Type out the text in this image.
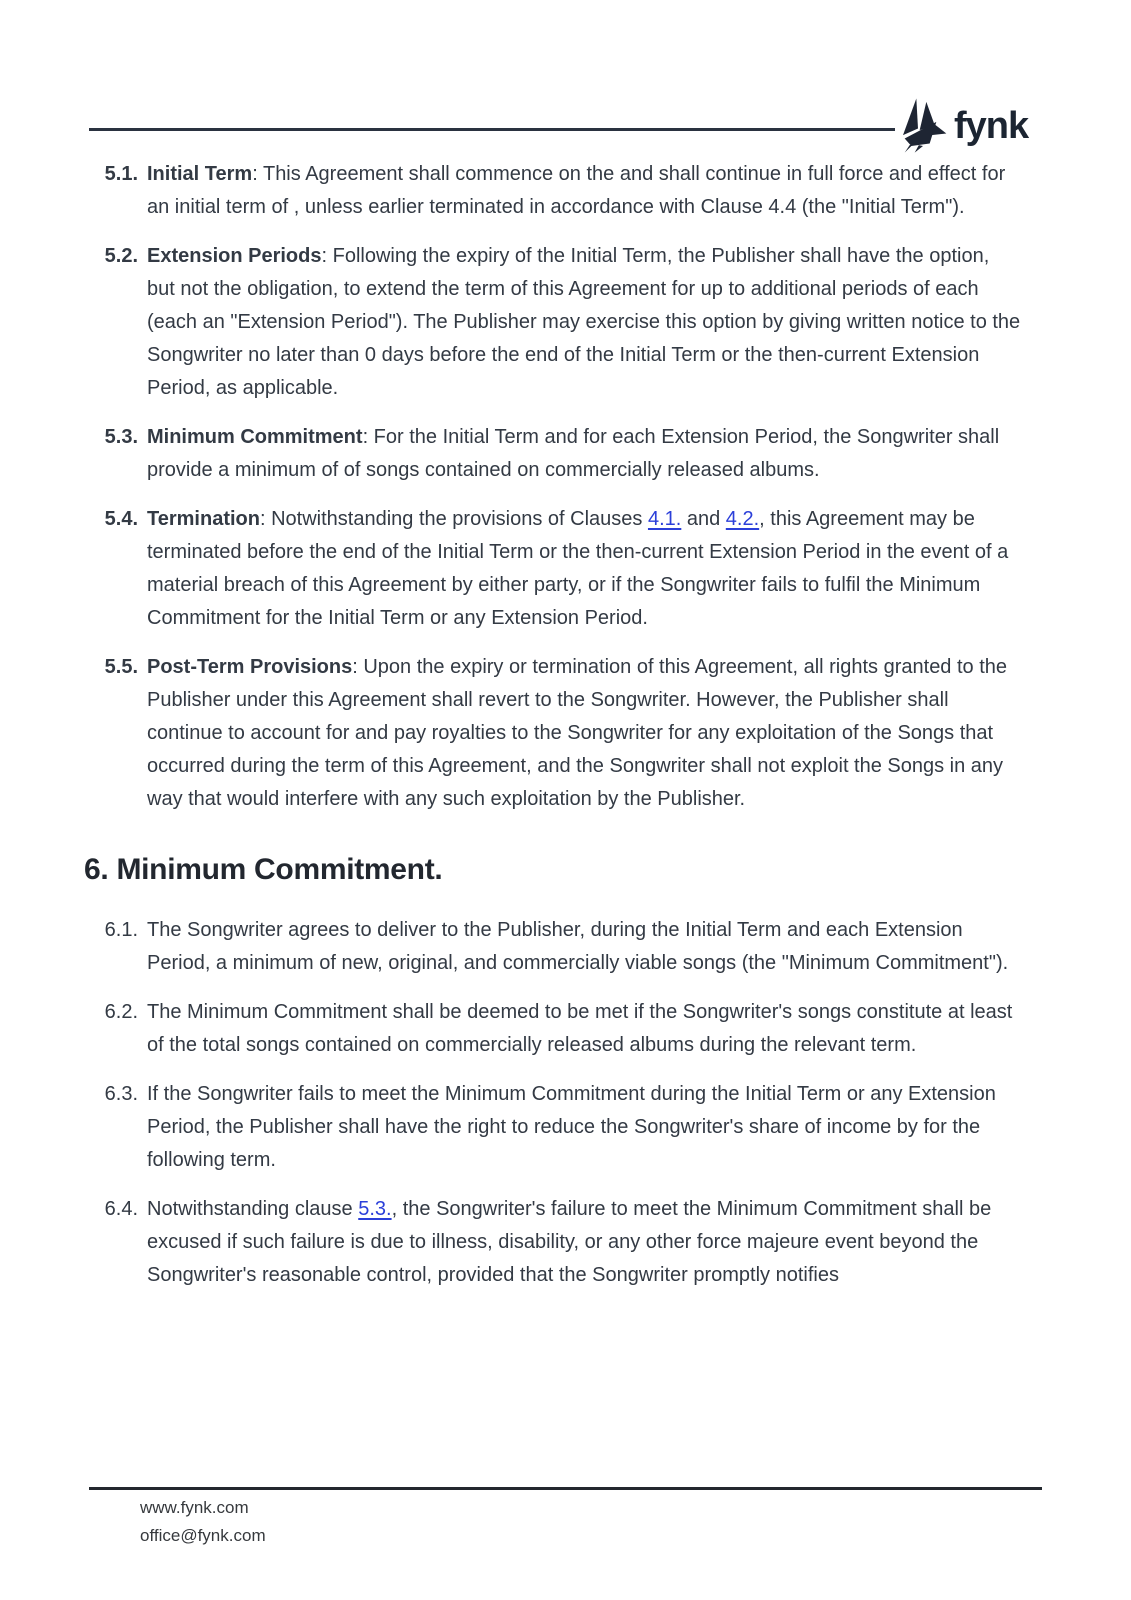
fynk
5.1. Initial Term: This Agreement shall commence on the and shall continue in full force and effect for an initial term of , unless earlier terminated in accordance with Clause 4.4 (the "Initial Term").

5.2. Extension Periods: Following the expiry of the Initial Term, the Publisher shall have the option, but not the obligation, to extend the term of this Agreement for up to additional periods of each (each an "Extension Period"). The Publisher may exercise this option by giving written notice to the Songwriter no later than 0 days before the end of the Initial Term or the then-current Extension Period, as applicable.

5.3. Minimum Commitment: For the Initial Term and for each Extension Period, the Songwriter shall provide a minimum of of songs contained on commercially released albums.

5.4. Termination: Notwithstanding the provisions of Clauses 4.1. and 4.2., this Agreement may be terminated before the end of the Initial Term or the then-current Extension Period in the event of a material breach of this Agreement by either party, or if the Songwriter fails to fulfil the Minimum Commitment for the Initial Term or any Extension Period.

5.5. Post-Term Provisions: Upon the expiry or termination of this Agreement, all rights granted to the Publisher under this Agreement shall revert to the Songwriter. However, the Publisher shall continue to account for and pay royalties to the Songwriter for any exploitation of the Songs that occurred during the term of this Agreement, and the Songwriter shall not exploit the Songs in any way that would interfere with any such exploitation by the Publisher.

6. Minimum Commitment.
6.1. The Songwriter agrees to deliver to the Publisher, during the Initial Term and each Extension Period, a minimum of new, original, and commercially viable songs (the "Minimum Commitment").

6.2. The Minimum Commitment shall be deemed to be met if the Songwriter's songs constitute at least of the total songs contained on commercially released albums during the relevant term.

6.3. If the Songwriter fails to meet the Minimum Commitment during the Initial Term or any Extension Period, the Publisher shall have the right to reduce the Songwriter's share of income by for the following term.

6.4. Notwithstanding clause 5.3., the Songwriter's failure to meet the Minimum Commitment shall be excused if such failure is due to illness, disability, or any other force majeure event beyond the Songwriter's reasonable control, provided that the Songwriter promptly notifies

www.fynk.com
office@fynk.com
